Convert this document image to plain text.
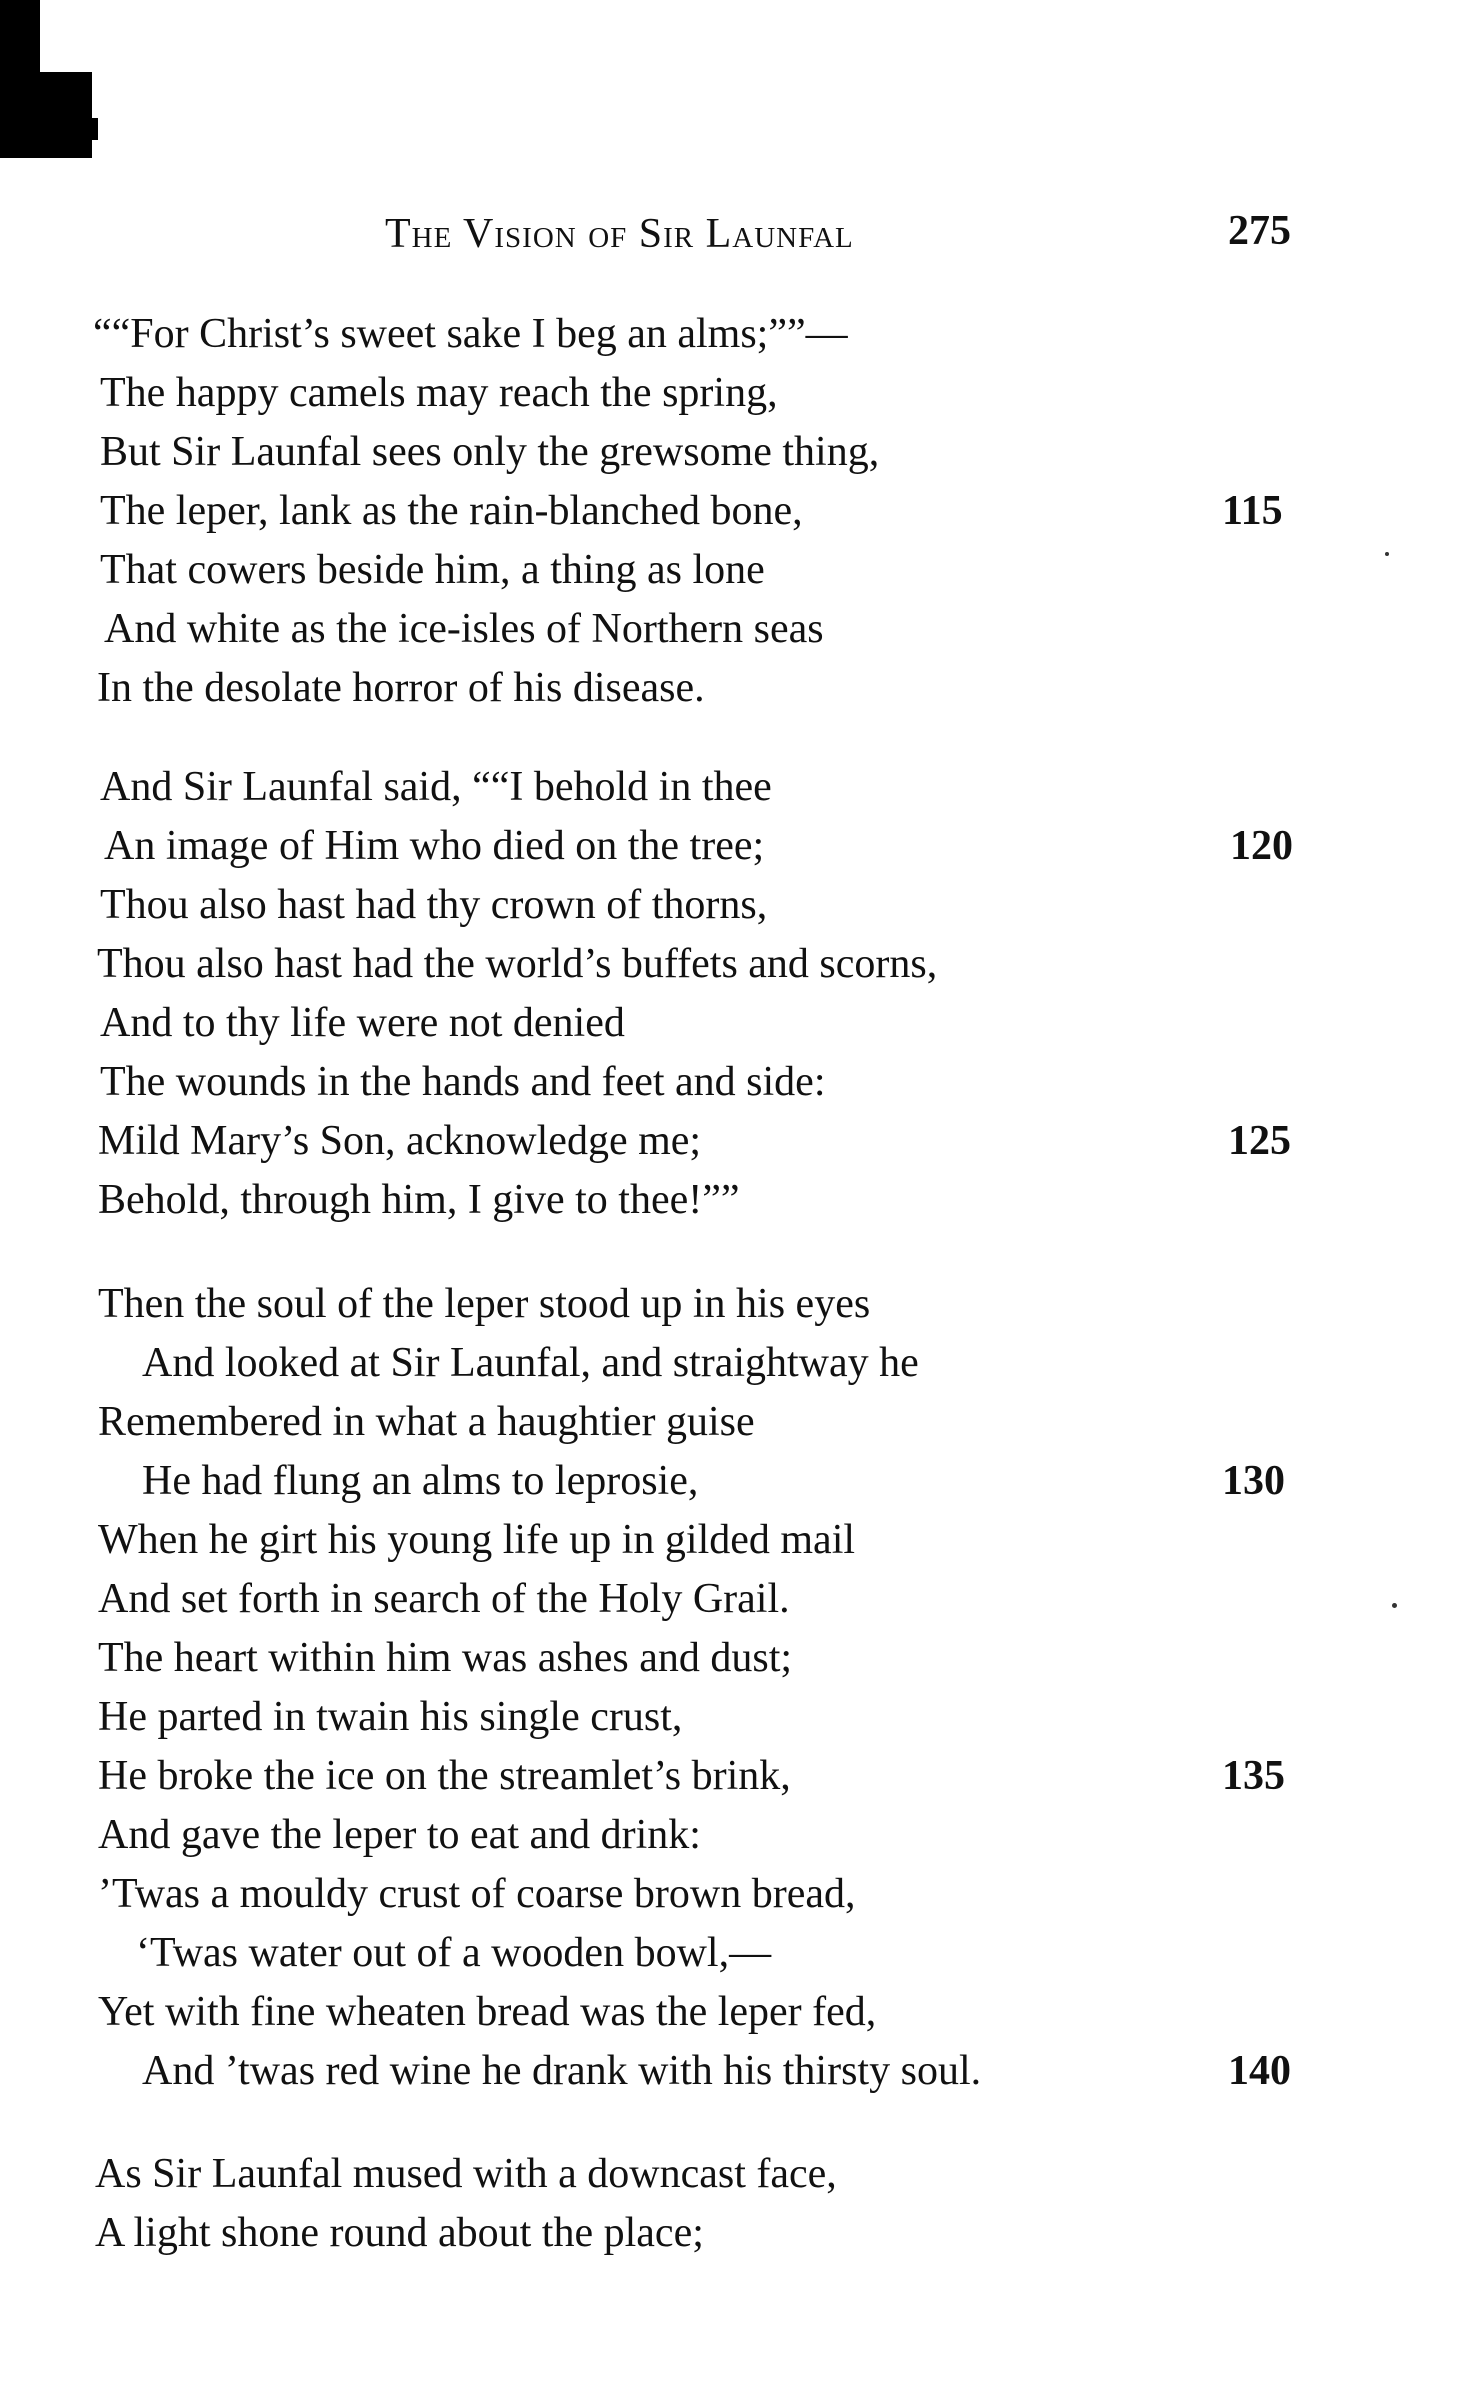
The Vision of Sir Launfal	275
““For Christ’s sweet sake I beg an alms;””—
The happy camels may reach the spring,
But Sir Launfal sees only the grewsome thing,
The leper, lank as the rain-blanched bone,	115
That cowers beside him, a thing as lone
And white as the ice-isles of Northern seas
In the desolate horror of his disease.
And Sir Launfal said, ““I behold in thee
An image of Him who died on the tree;	120
Thou also hast had thy crown of thorns,
Thou also hast had the world’s buffets and scorns,
And to thy life were not denied
The wounds in the hands and feet and side:
Mild Mary’s Son, acknowledge me;	125
Behold, through him, I give to thee!””
Then the soul of the leper stood up in his eyes
And looked at Sir Launfal, and straightway he
Remembered in what a haughtier guise
He had flung an alms to leprosie,	130
When he girt his young life up in gilded mail
And set forth in search of the Holy Grail.
The heart within him was ashes and dust;
He parted in twain his single crust,
He broke the ice on the streamlet’s brink,	135
And gave the leper to eat and drink:
’Twas a mouldy crust of coarse brown bread,
‘Twas water out of a wooden bowl,—
Yet with fine wheaten bread was the leper fed,
And ’twas red wine he drank with his thirsty soul.	140
As Sir Launfal mused with a downcast face,
A light shone round about the place;
